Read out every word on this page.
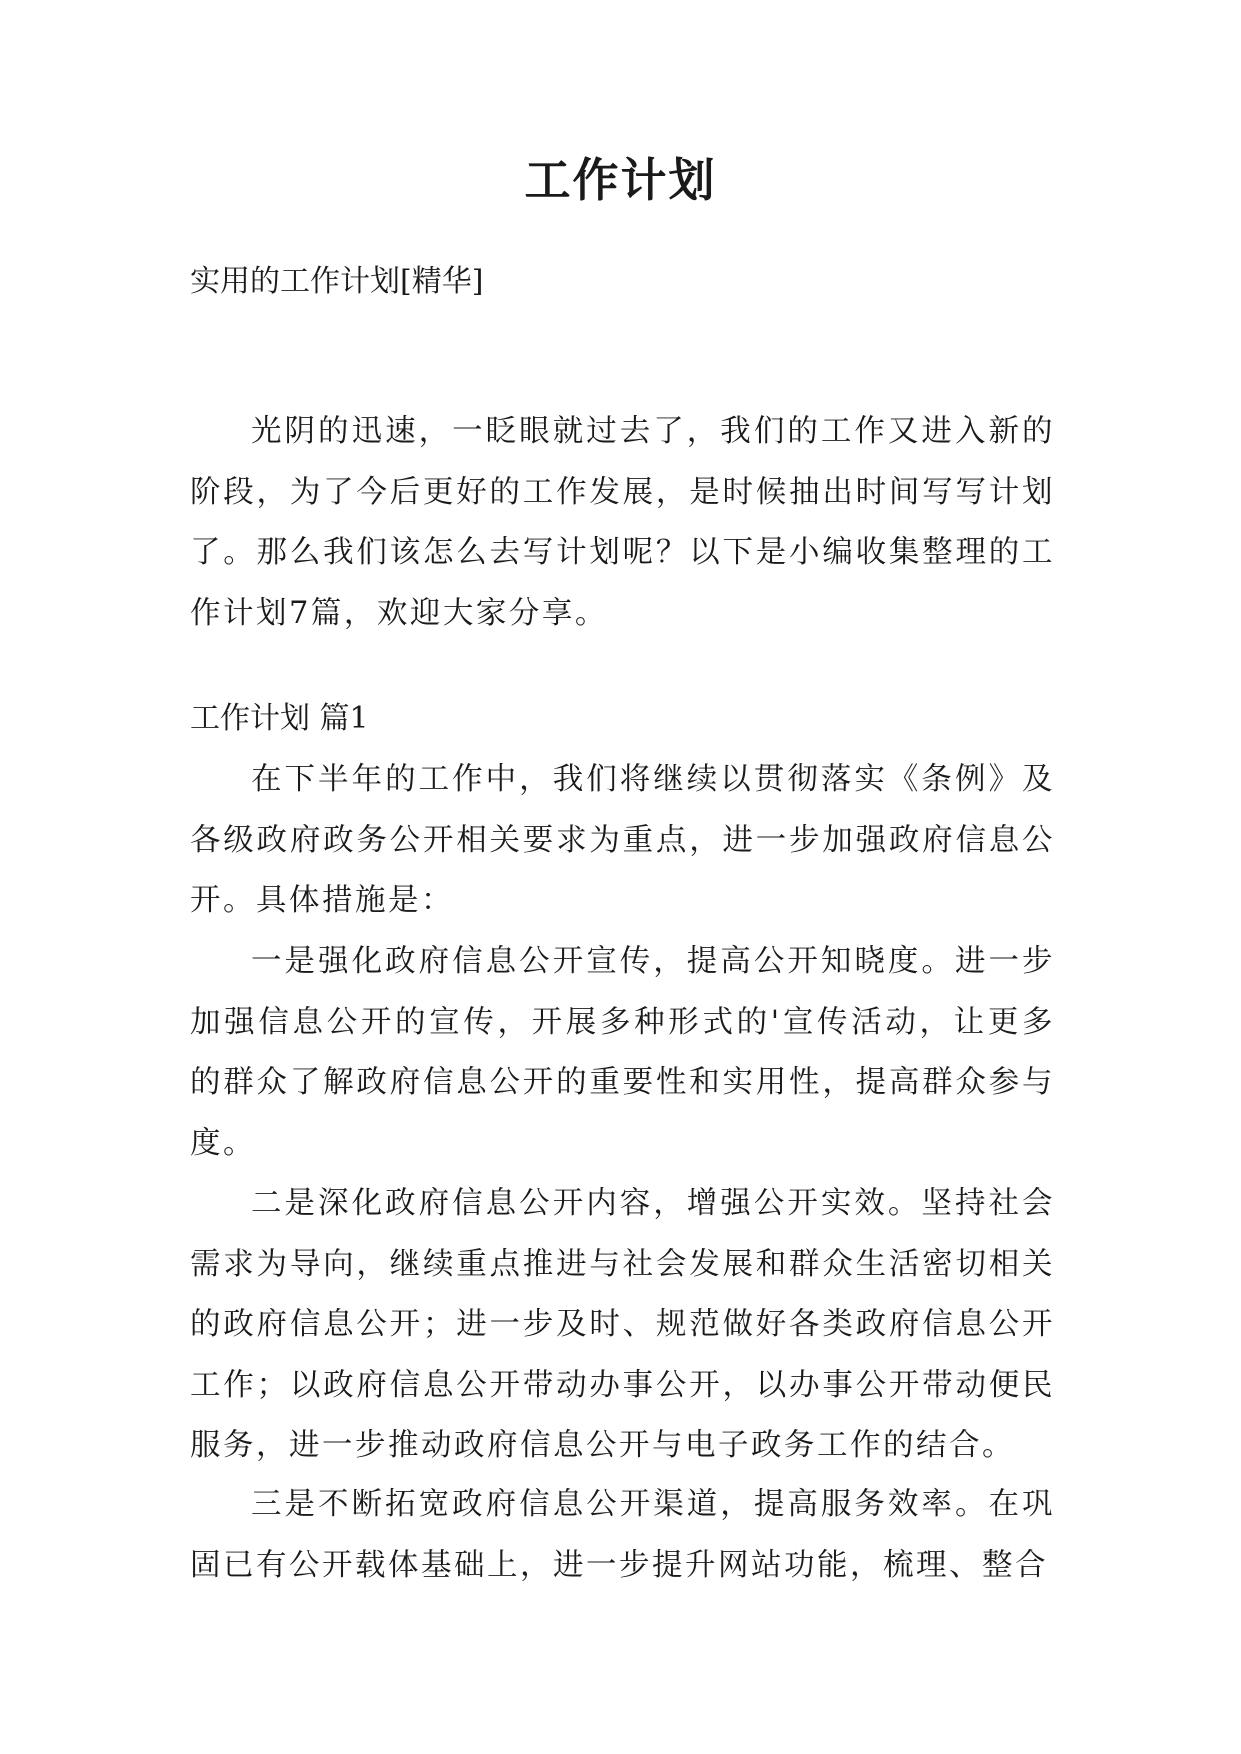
工作计划
实用的工作计划[精华]

光阴的迅速，一眨眼就过去了，我们的工作又进入新的阶段，为了今后更好的工作发展，是时候抽出时间写写计划了。那么我们该怎么去写计划呢？以下是小编收集整理的工作计划7篇，欢迎大家分享。

工作计划 篇1

在下半年的工作中，我们将继续以贯彻落实《条例》及各级政府政务公开相关要求为重点，进一步加强政府信息公开。具体措施是：

一是强化政府信息公开宣传，提高公开知晓度。进一步加强信息公开的宣传，开展多种形式的'宣传活动，让更多的群众了解政府信息公开的重要性和实用性，提高群众参与度。

二是深化政府信息公开内容，增强公开实效。坚持社会需求为导向，继续重点推进与社会发展和群众生活密切相关的政府信息公开；进一步及时、规范做好各类政府信息公开工作；以政府信息公开带动办事公开，以办事公开带动便民服务，进一步推动政府信息公开与电子政务工作的结合。

三是不断拓宽政府信息公开渠道，提高服务效率。在巩固已有公开载体基础上，进一步提升网站功能，梳理、整合
